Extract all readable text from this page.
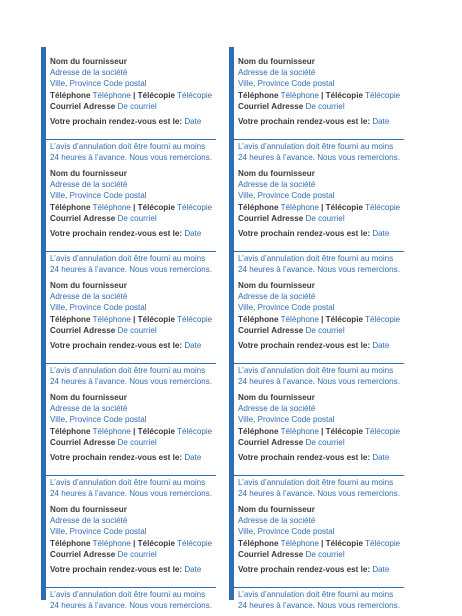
Nom du fournisseur
Adresse de la société
Ville, Province Code postal
Téléphone Téléphone | Télécopie Télécopie
Courriel Adresse De courriel
Votre prochain rendez-vous est le: Date
L’avis d’annulation doit être fourni au moins
24 heures à l’avance. Nous vous remercions.
Nom du fournisseur
Adresse de la société
Ville, Province Code postal
Téléphone Téléphone | Télécopie Télécopie
Courriel Adresse De courriel
Votre prochain rendez-vous est le: Date
L’avis d’annulation doit être fourni au moins
24 heures à l’avance. Nous vous remercions.
Nom du fournisseur
Adresse de la société
Ville, Province Code postal
Téléphone Téléphone | Télécopie Télécopie
Courriel Adresse De courriel
Votre prochain rendez-vous est le: Date
L’avis d’annulation doit être fourni au moins
24 heures à l’avance. Nous vous remercions.
Nom du fournisseur
Adresse de la société
Ville, Province Code postal
Téléphone Téléphone | Télécopie Télécopie
Courriel Adresse De courriel
Votre prochain rendez-vous est le: Date
L’avis d’annulation doit être fourni au moins
24 heures à l’avance. Nous vous remercions.
Nom du fournisseur
Adresse de la société
Ville, Province Code postal
Téléphone Téléphone | Télécopie Télécopie
Courriel Adresse De courriel
Votre prochain rendez-vous est le: Date
L’avis d’annulation doit être fourni au moins
24 heures à l’avance. Nous vous remercions.
Nom du fournisseur
Adresse de la société
Ville, Province Code postal
Téléphone Téléphone | Télécopie Télécopie
Courriel Adresse De courriel
Votre prochain rendez-vous est le: Date
L’avis d’annulation doit être fourni au moins
24 heures à l’avance. Nous vous remercions.
Nom du fournisseur
Adresse de la société
Ville, Province Code postal
Téléphone Téléphone | Télécopie Télécopie
Courriel Adresse De courriel
Votre prochain rendez-vous est le: Date
L’avis d’annulation doit être fourni au moins
24 heures à l’avance. Nous vous remercions.
Nom du fournisseur
Adresse de la société
Ville, Province Code postal
Téléphone Téléphone | Télécopie Télécopie
Courriel Adresse De courriel
Votre prochain rendez-vous est le: Date
L’avis d’annulation doit être fourni au moins
24 heures à l’avance. Nous vous remercions.
Nom du fournisseur
Adresse de la société
Ville, Province Code postal
Téléphone Téléphone | Télécopie Télécopie
Courriel Adresse De courriel
Votre prochain rendez-vous est le: Date
L’avis d’annulation doit être fourni au moins
24 heures à l’avance. Nous vous remercions.
Nom du fournisseur
Adresse de la société
Ville, Province Code postal
Téléphone Téléphone | Télécopie Télécopie
Courriel Adresse De courriel
Votre prochain rendez-vous est le: Date
L’avis d’annulation doit être fourni au moins
24 heures à l’avance. Nous vous remercions.
